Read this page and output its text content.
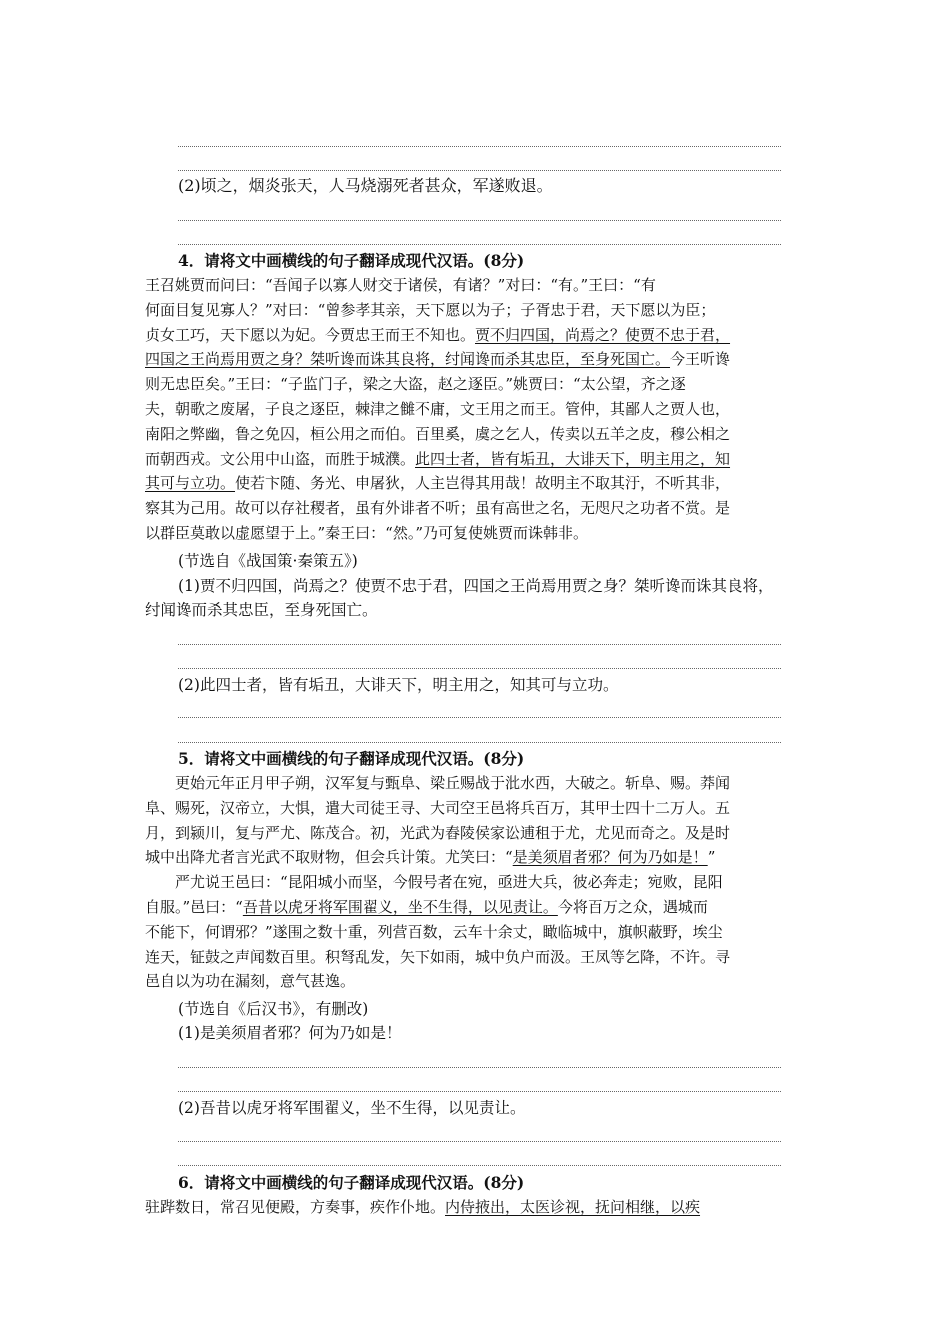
(2)顷之，烟炎张天，人马烧溺死者甚众，军遂败退。
4．请将文中画横线的句子翻译成现代汉语。(8分)
王召姚贾而问曰：“吾闻子以寡人财交于诸侯，有诸？”对曰：“有。”王曰：“有
何面目复见寡人？”对曰：“曾参孝其亲，天下愿以为子；子胥忠于君，天下愿以为臣；
贞女工巧，天下愿以为妃。今贾忠王而王不知也。贾不归四国，尚焉之？使贾不忠于君，
四国之王尚焉用贾之身？桀听谗而诛其良将，纣闻谗而杀其忠臣，至身死国亡。今王听谗
则无忠臣矣。”王曰：“子监门子，梁之大盗，赵之逐臣。”姚贾曰：“太公望，齐之逐
夫，朝歌之废屠，子良之逐臣，棘津之雠不庸，文王用之而王。管仲，其鄙人之贾人也，
南阳之弊幽，鲁之免囚，桓公用之而伯。百里奚，虞之乞人，传卖以五羊之皮，穆公相之
而朝西戎。文公用中山盗，而胜于城濮。此四士者，皆有垢丑，大诽天下，明主用之，知
其可与立功。使若卞随、务光、申屠狄，人主岂得其用哉！故明主不取其汙，不听其非，
察其为己用。故可以存社稷者，虽有外诽者不听；虽有高世之名，无咫尺之功者不赏。是
以群臣莫敢以虚愿望于上。”秦王曰：“然。”乃可复使姚贾而诛韩非。
(节选自《战国策·秦策五》)
(1)贾不归四国，尚焉之？使贾不忠于君，四国之王尚焉用贾之身？桀听谗而诛其良将，
纣闻谗而杀其忠臣，至身死国亡。
(2)此四士者，皆有垢丑，大诽天下，明主用之，知其可与立功。
5．请将文中画横线的句子翻译成现代汉语。(8分)
　　更始元年正月甲子朔，汉军复与甄阜、梁丘赐战于沘水西，大破之。斩阜、赐。莽闻
阜、赐死，汉帝立，大惧，遣大司徒王寻、大司空王邑将兵百万，其甲士四十二万人。五
月，到颍川，复与严尤、陈茂合。初，光武为舂陵侯家讼逋租于尤，尤见而奇之。及是时
城中出降尤者言光武不取财物，但会兵计策。尤笑曰：“是美须眉者邪？何为乃如是！”
　　严尤说王邑曰：“昆阳城小而坚，今假号者在宛，亟进大兵，彼必奔走；宛败，昆阳
自服。”邑曰：“吾昔以虎牙将军围翟义，坐不生得，以见责让。今将百万之众，遇城而
不能下，何谓邪？”遂围之数十重，列营百数，云车十余丈，瞰临城中，旗帜蔽野，埃尘
连天，钲鼓之声闻数百里。积弩乱发，矢下如雨，城中负户而汲。王凤等乞降，不许。寻
邑自以为功在漏刻，意气甚逸。
(节选自《后汉书》，有删改)
(1)是美须眉者邪？何为乃如是！
(2)吾昔以虎牙将军围翟义，坐不生得，以见责让。
6．请将文中画横线的句子翻译成现代汉语。(8分)
驻跸数日，常召见便殿，方奏事，疾作仆地。内侍掖出，太医诊视，抚问相继，以疾
